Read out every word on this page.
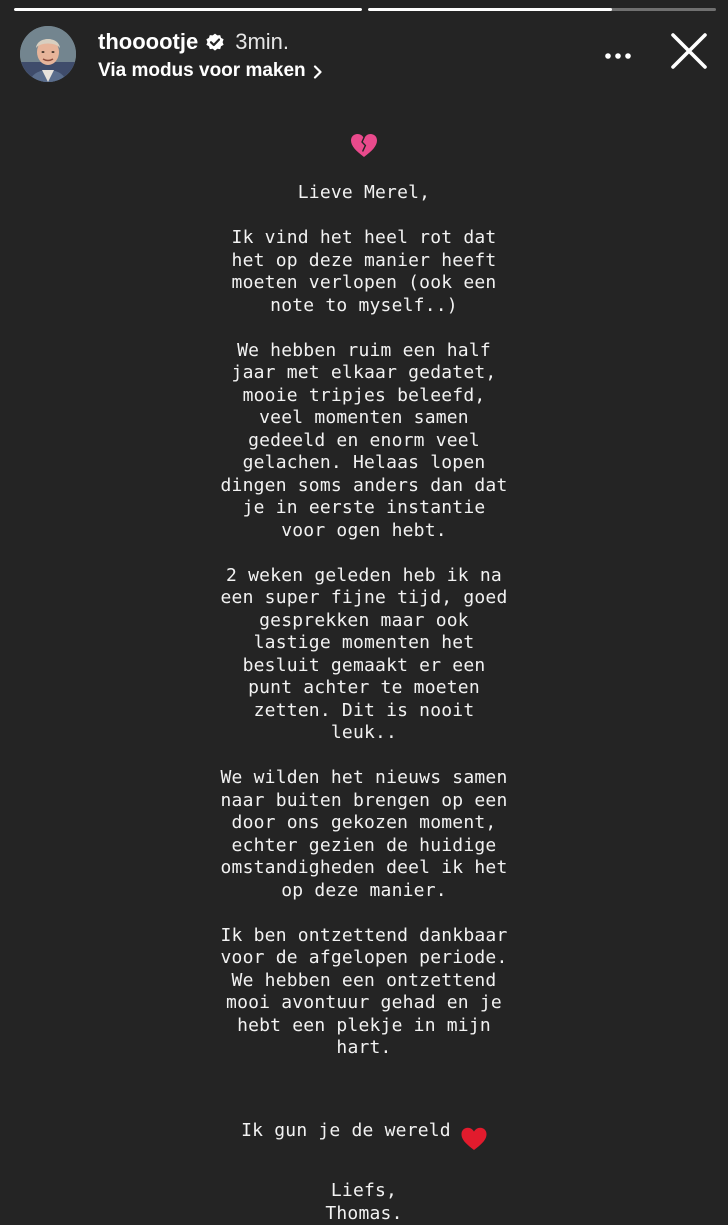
thooootje 3min.
Via modus voor maken

Lieve Merel,

Ik vind het heel rot dat
het op deze manier heeft
moeten verlopen (ook een
note to myself..)

We hebben ruim een half
jaar met elkaar gedatet,
mooie tripjes beleefd,
veel momenten samen
gedeeld en enorm veel
gelachen. Helaas lopen
dingen soms anders dan dat
je in eerste instantie
voor ogen hebt.

2 weken geleden heb ik na
een super fijne tijd, goed
gesprekken maar ook
lastige momenten het
besluit gemaakt er een
punt achter te moeten
zetten. Dit is nooit
leuk..

We wilden het nieuws samen
naar buiten brengen op een
door ons gekozen moment,
echter gezien de huidige
omstandigheden deel ik het
op deze manier.

Ik ben ontzettend dankbaar
voor de afgelopen periode.
We hebben een ontzettend
mooi avontuur gehad en je
hebt een plekje in mijn
hart.

Ik gun je de wereld

Liefs,
Thomas.
